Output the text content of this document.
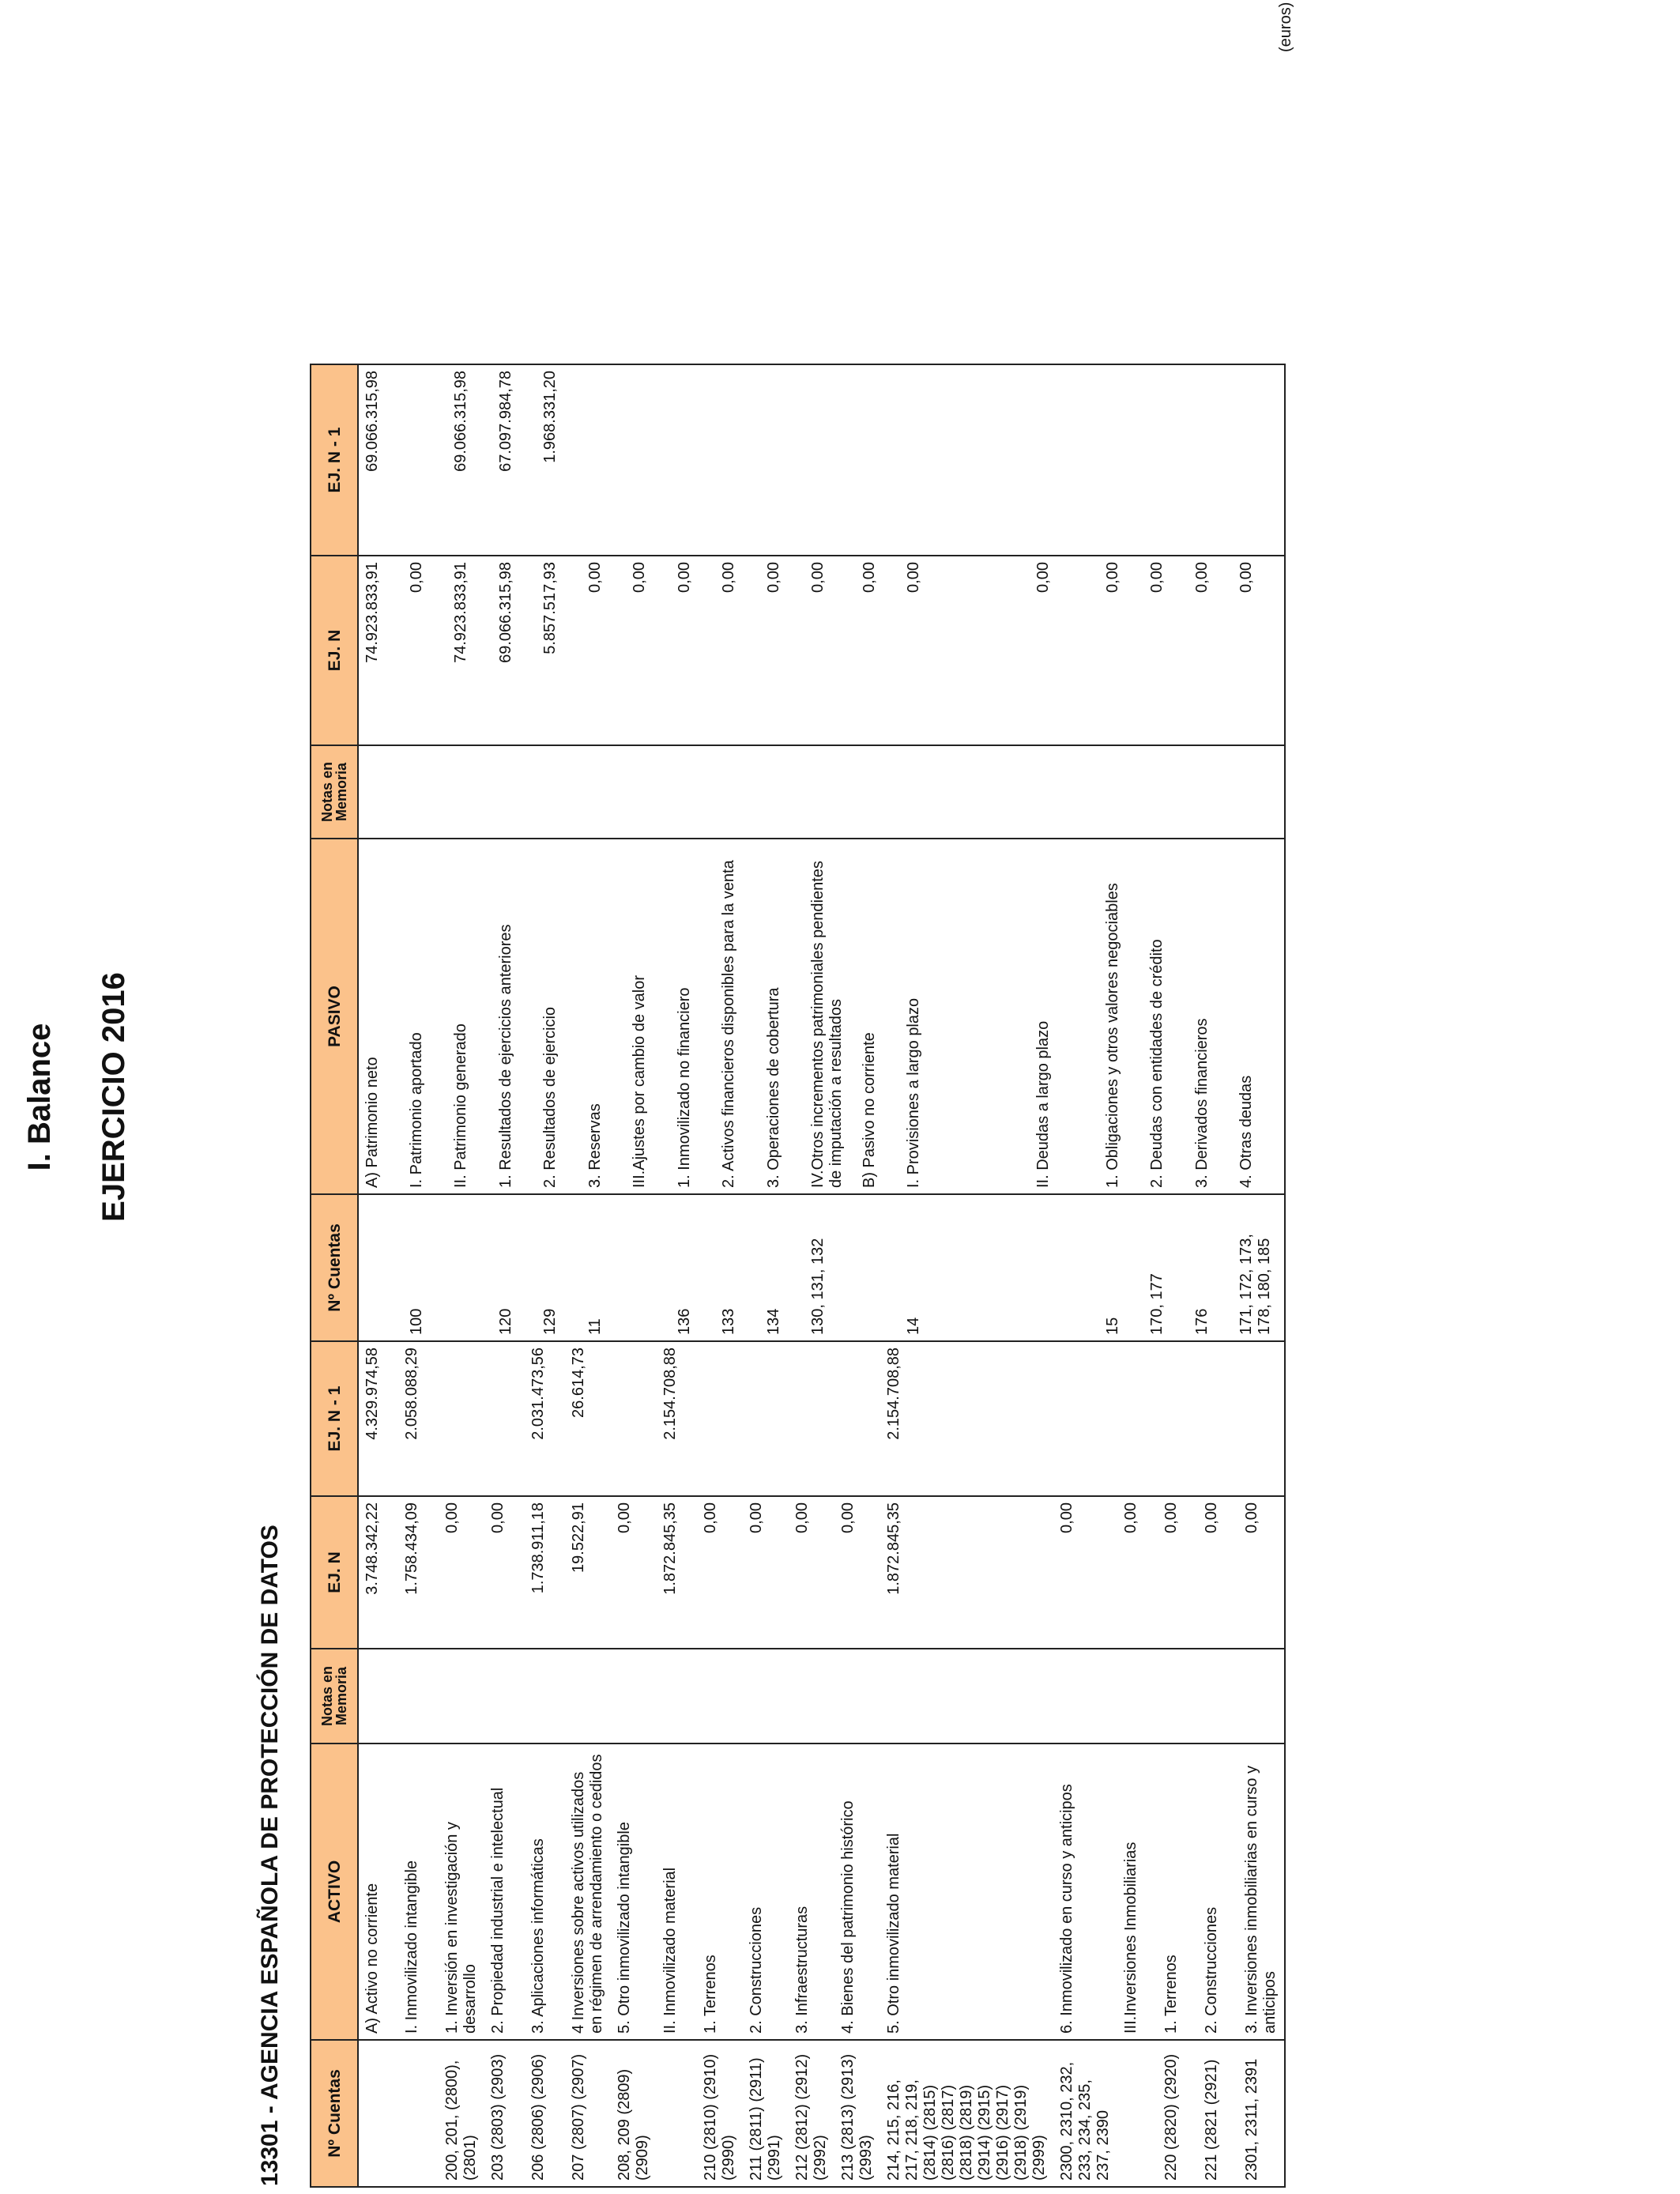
I. Balance EJERCICIO 2016
13301 - AGENCIA ESPAÑOLA DE PROTECCIÓN DE DATOS
(euros)
Nº Cuentas	ACTIVO	Notas en Memoria	EJ. N	EJ. N - 1
	A) Activo no corriente		3.748.342,22	4.329.974,58
	I. Inmovilizado intangible		1.758.434,09	2.058.088,29
200, 201, (2800), (2801)	1. Inversión en investigación y desarrollo		0,00	
203 (2803) (2903)	2. Propiedad industrial e intelectual		0,00	
206 (2806) (2906)	3. Aplicaciones informáticas		1.738.911,18	2.031.473,56
207 (2807) (2907)	4 Inversiones sobre activos utilizados en régimen de arrendamiento o cedidos		19.522,91	26.614,73
208, 209 (2809) (2909)	5. Otro inmovilizado intangible		0,00	
	II. Inmovilizado material		1.872.845,35	2.154.708,88
210 (2810) (2910) (2990)	1. Terrenos		0,00	
211 (2811) (2911) (2991)	2. Construcciones		0,00	
212 (2812) (2912) (2992)	3. Infraestructuras		0,00	
213 (2813) (2913) (2993)	4. Bienes del patrimonio histórico		0,00	
214, 215, 216, 217, 218, 219, (2814) (2815) (2816) (2817) (2818) (2819) (2914) (2915) (2916) (2917) (2918) (2919) (2999)	5. Otro inmovilizado material		1.872.845,35	2.154.708,88
2300, 2310, 232, 233, 234, 235, 237, 2390	6. Inmovilizado en curso y anticipos		0,00	
	III.Inversiones Inmobiliarias		0,00	
220 (2820) (2920)	1. Terrenos		0,00	
221 (2821 (2921)	2. Construcciones		0,00	
2301, 2311, 2391	3. Inversiones inmobiliarias en curso y anticipos		0,00	
Nº Cuentas	PASIVO	Notas en Memoria	EJ. N	EJ. N - 1
	A) Patrimonio neto		74.923.833,91	69.066.315,98
100	I. Patrimonio aportado		0,00	
	II. Patrimonio generado		74.923.833,91	69.066.315,98
120	1. Resultados de ejercicios anteriores		69.066.315,98	67.097.984,78
129	2. Resultados de ejercicio		5.857.517,93	1.968.331,20
11	3. Reservas		0,00	
	III.Ajustes por cambio de valor		0,00	
136	1. Inmovilizado no financiero		0,00	
133	2. Activos financieros disponibles para la venta		0,00	
134	3. Operaciones de cobertura		0,00	
130, 131, 132	IV.Otros incrementos patrimoniales pendientes de imputación a resultados		0,00	
	B) Pasivo no corriente		0,00	
14	I. Provisiones a largo plazo		0,00	
	II. Deudas a largo plazo		0,00	
15	1. Obligaciones y otros valores negociables		0,00	
170, 177	2. Deudas con entidades de crédito		0,00	
176	3. Derivados financieros		0,00	
171, 172, 173, 178, 180, 185	4. Otras deudas		0,00	
